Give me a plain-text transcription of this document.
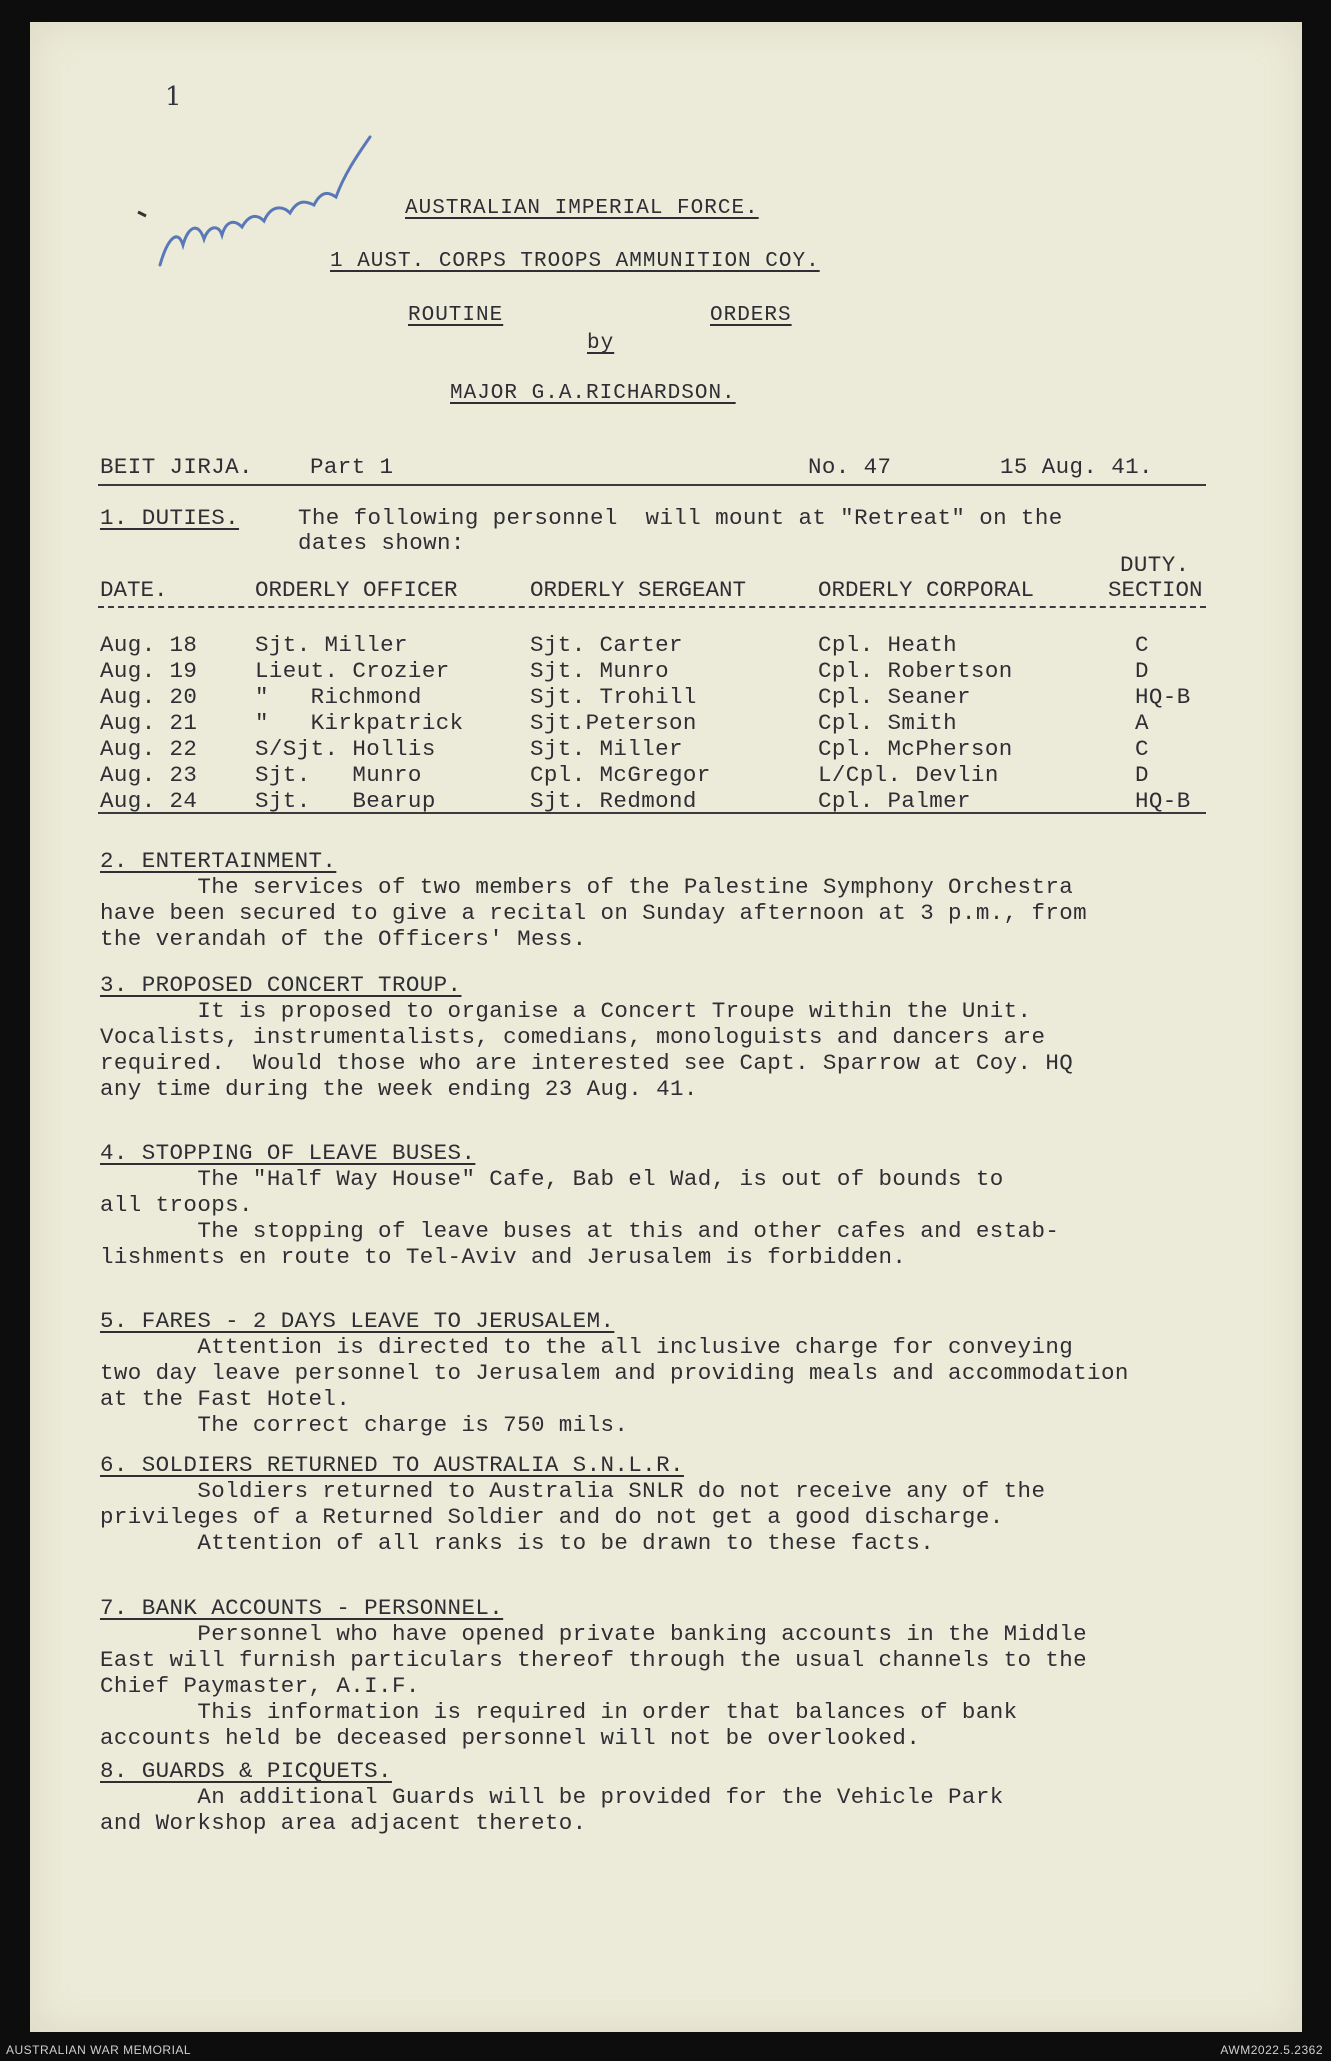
1
AUSTRALIAN IMPERIAL FORCE.
1 AUST. CORPS TROOPS AMMUNITION COY.
ROUTINE	ORDERS
by
MAJOR G.A.RICHARDSON.
BEIT JIRJA.	Part 1	No. 47	15 Aug. 41.
1. DUTIES.	The following personnel  will mount at "Retreat" on the
dates shown:
DUTY.
DATE.	ORDERLY OFFICER	ORDERLY SERGEANT	ORDERLY CORPORAL	SECTION
Aug. 18	Sjt. Miller	Sjt. Carter	Cpl. Heath	C
Aug. 19	Lieut. Crozier	Sjt. Munro	Cpl. Robertson	D
Aug. 20	"   Richmond	Sjt. Trohill	Cpl. Seaner	HQ-B
Aug. 21	"   Kirkpatrick	Sjt.Peterson	Cpl. Smith	A
Aug. 22	S/Sjt. Hollis	Sjt. Miller	Cpl. McPherson	C
Aug. 23	Sjt.   Munro	Cpl. McGregor	L/Cpl. Devlin	D
Aug. 24	Sjt.   Bearup	Sjt. Redmond	Cpl. Palmer	HQ-B
2. ENTERTAINMENT.
The services of two members of the Palestine Symphony Orchestra
have been secured to give a recital on Sunday afternoon at 3 p.m., from
the verandah of the Officers' Mess.
3. PROPOSED CONCERT TROUP.
It is proposed to organise a Concert Troupe within the Unit.
Vocalists, instrumentalists, comedians, monologuists and dancers are
required.  Would those who are interested see Capt. Sparrow at Coy. HQ
any time during the week ending 23 Aug. 41.
4. STOPPING OF LEAVE BUSES.
The "Half Way House" Cafe, Bab el Wad, is out of bounds to
all troops.
The stopping of leave buses at this and other cafes and estab-
lishments en route to Tel-Aviv and Jerusalem is forbidden.
5. FARES - 2 DAYS LEAVE TO JERUSALEM.
Attention is directed to the all inclusive charge for conveying
two day leave personnel to Jerusalem and providing meals and accommodation
at the Fast Hotel.
The correct charge is 750 mils.
6. SOLDIERS RETURNED TO AUSTRALIA S.N.L.R.
Soldiers returned to Australia SNLR do not receive any of the
privileges of a Returned Soldier and do not get a good discharge.
Attention of all ranks is to be drawn to these facts.
7. BANK ACCOUNTS - PERSONNEL.
Personnel who have opened private banking accounts in the Middle
East will furnish particulars thereof through the usual channels to the
Chief Paymaster, A.I.F.
This information is required in order that balances of bank
accounts held be deceased personnel will not be overlooked.
8. GUARDS & PICQUETS.
An additional Guards will be provided for the Vehicle Park
and Workshop area adjacent thereto.
AUSTRALIAN WAR MEMORIAL	AWM2022.5.2362
